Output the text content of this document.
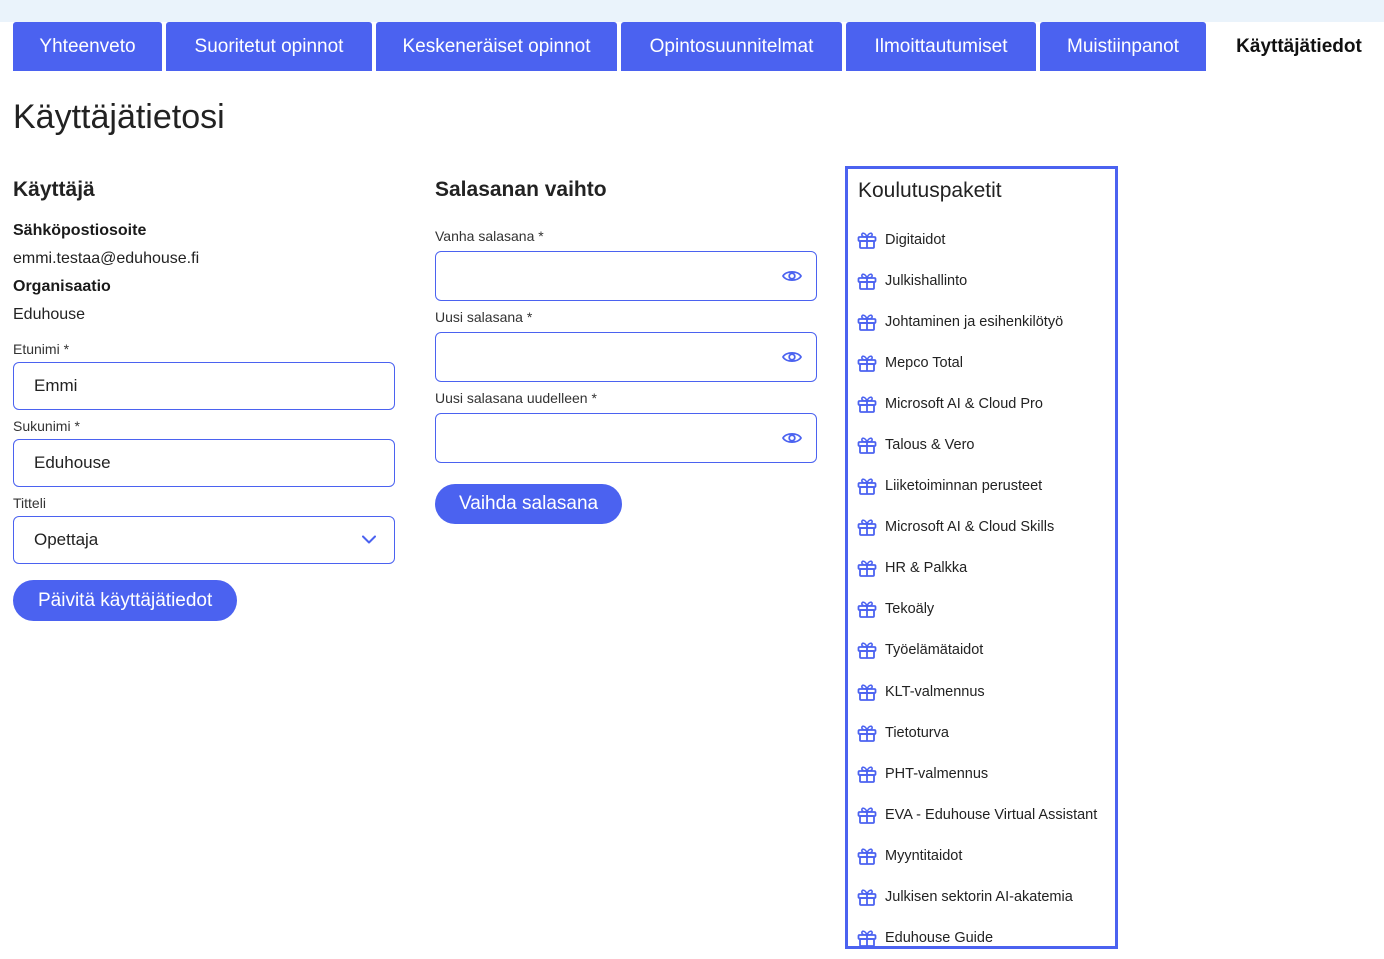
Yhteenveto	Suoritetut opinnot	Keskeneräiset opinnot	Opintosuunnitelmat	Ilmoittautumiset	Muistiinpanot	Käyttäjätiedot
Käyttäjätietosi
Käyttäjä
Sähköpostiosoite
emmi.testaa@eduhouse.fi
Organisaatio
Eduhouse
Etunimi *
Emmi
Sukunimi *
Eduhouse
Titteli
Opettaja
Päivitä käyttäjätiedot
Salasanan vaihto
Vanha salasana *
Uusi salasana *
Uusi salasana uudelleen *
Vaihda salasana
Koulutuspaketit
Digitaidot
Julkishallinto
Johtaminen ja esihenkilötyö
Mepco Total
Microsoft AI & Cloud Pro
Talous & Vero
Liiketoiminnan perusteet
Microsoft AI & Cloud Skills
HR & Palkka
Tekoäly
Työelämätaidot
KLT-valmennus
Tietoturva
PHT-valmennus
EVA - Eduhouse Virtual Assistant
Myyntitaidot
Julkisen sektorin AI-akatemia
Eduhouse Guide
